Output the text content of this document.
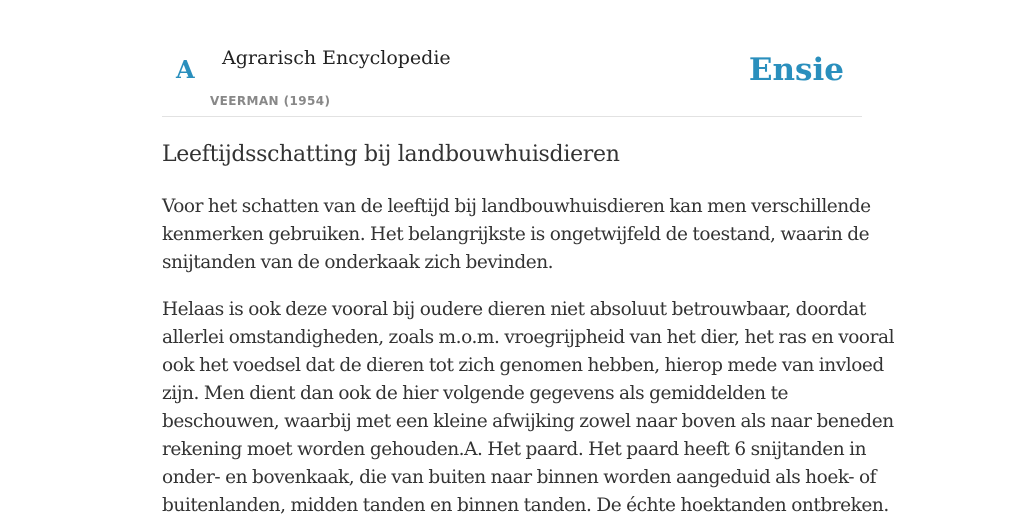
A Agrarisch Encyclopedie
VEERMAN (1954)
Ensie
Leeftijdsschatting bij landbouwhuisdieren

Voor het schatten van de leeftijd bij landbouwhuisdieren kan men verschillende
kenmerken gebruiken. Het belangrijkste is ongetwijfeld de toestand, waarin de
snijtanden van de onderkaak zich bevinden.

Helaas is ook deze vooral bij oudere dieren niet absoluut betrouwbaar, doordat
allerlei omstandigheden, zoals m.o.m. vroegrijpheid van het dier, het ras en vooral
ook het voedsel dat de dieren tot zich genomen hebben, hierop mede van invloed
zijn. Men dient dan ook de hier volgende gegevens als gemiddelden te
beschouwen, waarbij met een kleine afwijking zowel naar boven als naar beneden
rekening moet worden gehouden.A. Het paard. Het paard heeft 6 snijtanden in
onder- en bovenkaak, die van buiten naar binnen worden aangeduid als hoek- of
buitenlanden, midden tanden en binnen tanden. De échte hoektanden ontbreken.
